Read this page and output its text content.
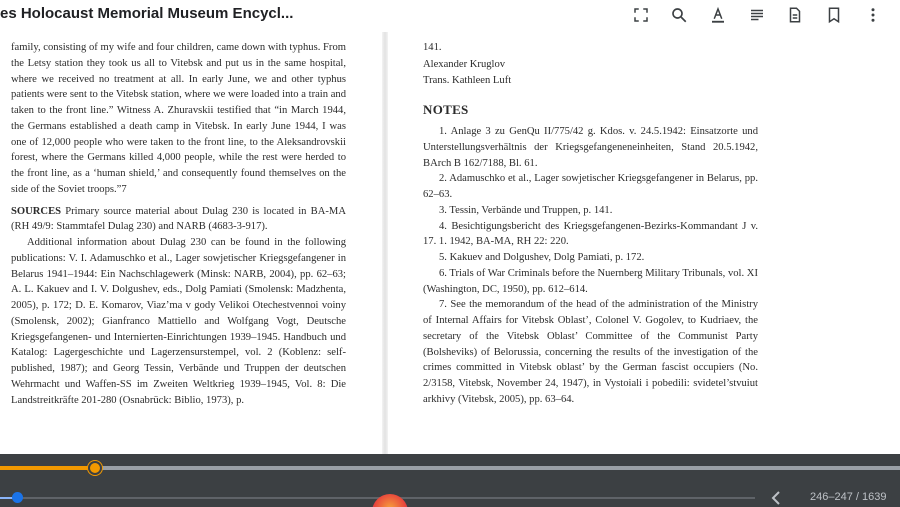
es Holocaust Memorial Museum Encycl...

family, consisting of my wife and four children, came down with typhus. From the Letsy station they took us all to Vitebsk and put us in the same hospital, where we received no treatment at all. In early June, we and other typhus patients were sent to the Vitebsk station, where we were loaded into a train and taken to the front line.” Witness A. Zhuravskii testified that “in March 1944, the Germans established a death camp in Vitebsk. In early June 1944, I was one of 12,000 people who were taken to the front line, to the Aleksandrovskii forest, where the Germans killed 4,000 people, while the rest were herded to the front line, as a ‘human shield,’ and consequently found themselves on the side of the Soviet troops.”7

SOURCES Primary source material about Dulag 230 is located in BA-MA (RH 49/9: Stammtafel Dulag 230) and NARB (4683-3-917).

Additional information about Dulag 230 can be found in the following publications: V. I. Adamuschko et al., Lager sowjetischer Kriegsgefangener in Belarus 1941–1944: Ein Nachschlagewerk (Minsk: NARB, 2004), pp. 62–63; A. L. Kakuev and I. V. Dolgushev, eds., Dolg Pamiati (Smolensk: Madzhenta, 2005), p. 172; D. E. Komarov, Viaz’ma v gody Velikoi Otechestvennoi voiny (Smolensk, 2002); Gianfranco Mattiello and Wolfgang Vogt, Deutsche Kriegsgefangenen- und Internierten-Einrichtungen 1939–1945. Handbuch und Katalog: Lagergeschichte und Lagerzensurstempel, vol. 2 (Koblenz: self-published, 1987); and Georg Tessin, Verbände und Truppen der deutschen Wehrmacht und Waffen-SS im Zweiten Weltkrieg 1939–1945, Vol. 8: Die Landstreitkräfte 201-280 (Osnabrück: Biblio, 1973), p.

141.

Alexander Kruglov

Trans. Kathleen Luft

NOTES

1. Anlage 3 zu GenQu II/775/42 g. Kdos. v. 24.5.1942: Einsatzorte und Unterstellungsverhältnis der Kriegsgefangeneneinheiten, Stand 20.5.1942, BArch B 162/7188, Bl. 61.

2. Adamuschko et al., Lager sowjetischer Kriegsgefangener in Belarus, pp. 62–63.

3. Tessin, Verbände und Truppen, p. 141.

4. Besichtigungsbericht des Kriegsgefangenen-Bezirks-Kommandant J v. 17. 1. 1942, BA-MA, RH 22: 220.

5. Kakuev and Dolgushev, Dolg Pamiati, p. 172.

6. Trials of War Criminals before the Nuernberg Military Tribunals, vol. XI (Washington, DC, 1950), pp. 612–614.

7. See the memorandum of the head of the administration of the Ministry of Internal Affairs for Vitebsk Oblast’, Colonel V. Gogolev, to Kudriaev, the secretary of the Vitebsk Oblast’ Committee of the Communist Party (Bolsheviks) of Belorussia, concerning the results of the investigation of the crimes committed in Vitebsk oblast’ by the German fascist occupiers (No. 2/3158, Vitebsk, November 24, 1947), in Vystoiali i pobedili: svidetel’stvuiut arkhivy (Vitebsk, 2005), pp. 63–64.

246–247 / 1639
